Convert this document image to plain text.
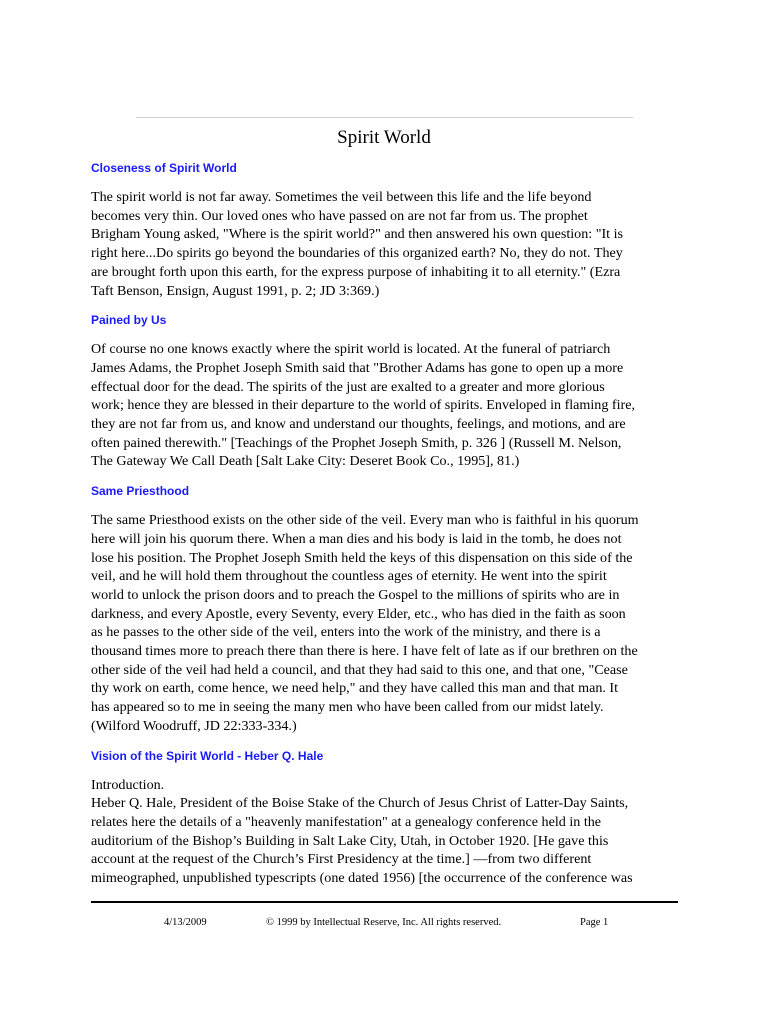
Spirit World
Closeness of Spirit World

The spirit world is not far away. Sometimes the veil between this life and the life beyond
becomes very thin. Our loved ones who have passed on are not far from us. The prophet
Brigham Young asked, "Where is the spirit world?" and then answered his own question: "It is
right here...Do spirits go beyond the boundaries of this organized earth? No, they do not. They
are brought forth upon this earth, for the express purpose of inhabiting it to all eternity." (Ezra
Taft Benson, Ensign, August 1991, p. 2; JD 3:369.)

Pained by Us

Of course no one knows exactly where the spirit world is located. At the funeral of patriarch
James Adams, the Prophet Joseph Smith said that "Brother Adams has gone to open up a more
effectual door for the dead. The spirits of the just are exalted to a greater and more glorious
work; hence they are blessed in their departure to the world of spirits. Enveloped in flaming fire,
they are not far from us, and know and understand our thoughts, feelings, and motions, and are
often pained therewith." [Teachings of the Prophet Joseph Smith, p. 326 ] (Russell M. Nelson,
The Gateway We Call Death [Salt Lake City: Deseret Book Co., 1995], 81.)

Same Priesthood

The same Priesthood exists on the other side of the veil. Every man who is faithful in his quorum
here will join his quorum there. When a man dies and his body is laid in the tomb, he does not
lose his position. The Prophet Joseph Smith held the keys of this dispensation on this side of the
veil, and he will hold them throughout the countless ages of eternity. He went into the spirit
world to unlock the prison doors and to preach the Gospel to the millions of spirits who are in
darkness, and every Apostle, every Seventy, every Elder, etc., who has died in the faith as soon
as he passes to the other side of the veil, enters into the work of the ministry, and there is a
thousand times more to preach there than there is here. I have felt of late as if our brethren on the
other side of the veil had held a council, and that they had said to this one, and that one, "Cease
thy work on earth, come hence, we need help," and they have called this man and that man. It
has appeared so to me in seeing the many men who have been called from our midst lately.
(Wilford Woodruff, JD 22:333-334.)

Vision of the Spirit World - Heber Q. Hale

Introduction.
Heber Q. Hale, President of the Boise Stake of the Church of Jesus Christ of Latter-Day Saints,
relates here the details of a "heavenly manifestation" at a genealogy conference held in the
auditorium of the Bishop’s Building in Salt Lake City, Utah, in October 1920. [He gave this
account at the request of the Church’s First Presidency at the time.] —from two different
mimeographed, unpublished typescripts (one dated 1956) [the occurrence of the conference was

4/13/2009	© 1999 by Intellectual Reserve, Inc. All rights reserved.	Page 1
